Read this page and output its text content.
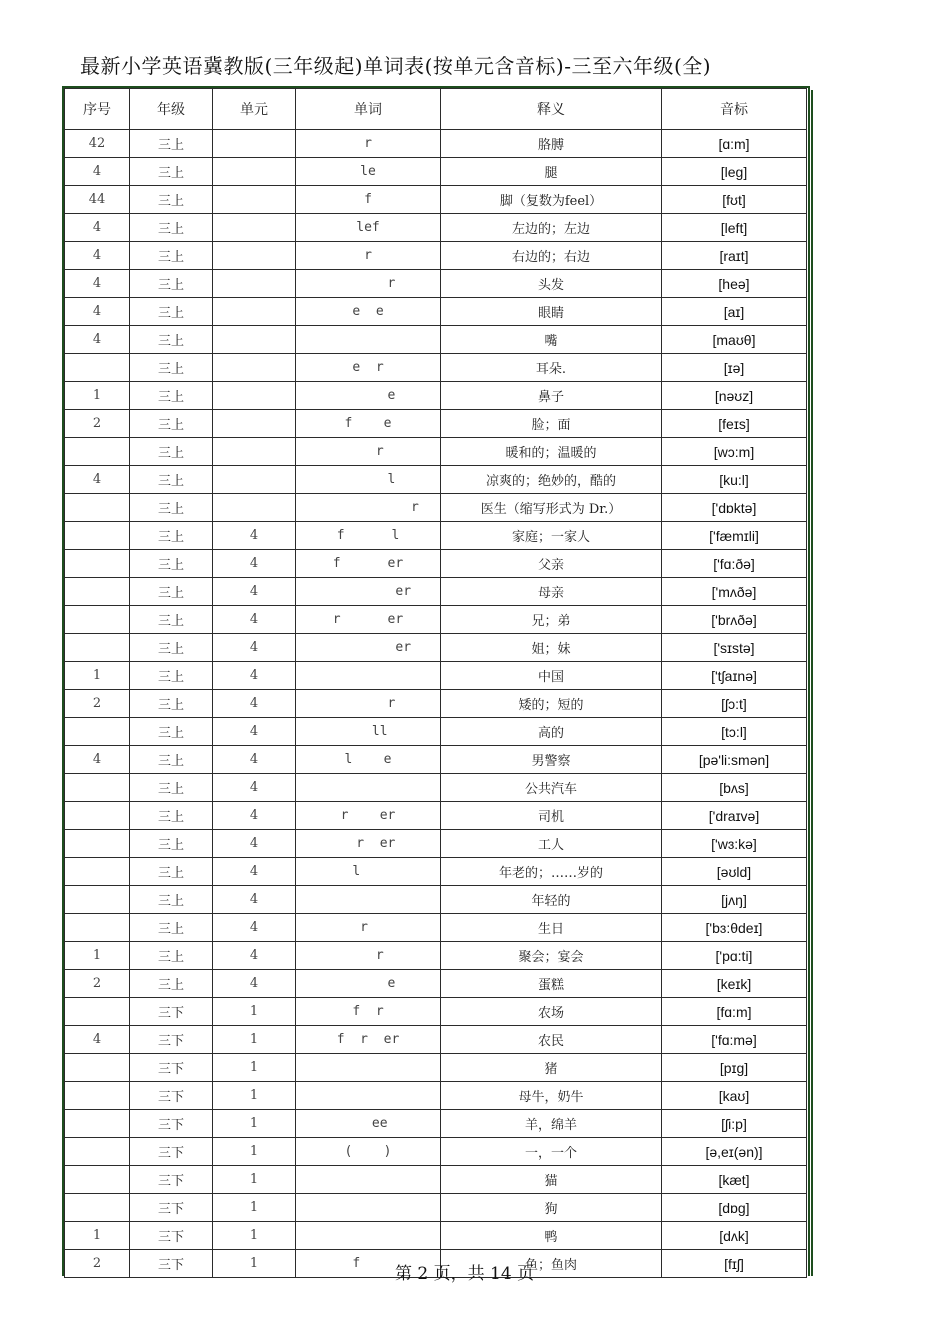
最新小学英语冀教版(三年级起)单词表(按单元含音标)-三至六年级(全)
序号	年级	单元	单词	释义	音标
42	三上		r	胳膊	[ɑ:m]
4	三上		le	腿	[leg]
44	三上		f	脚（复数为feel）	[fʊt]
4	三上		lef	左边的；左边	[left]
4	三上		r	右边的；右边	[raɪt]
4	三上		r	头发	[heə]
4	三上		e  e	眼睛	[aɪ]
4	三上			嘴	[maʊθ]
	三上		e  r	耳朵.	[ɪə]
1	三上		e	鼻子	[nəʊz]
2	三上		f    e	脸；面	[feɪs]
	三上		r	暖和的；温暖的	[wɔ:m]
4	三上		l	凉爽的；绝妙的，酷的	[ku:l]
	三上		r	医生（缩写形式为 Dr.）	['dɒktə]
	三上	4	f      l	家庭；一家人	['fæmɪli]
	三上	4	f      er	父亲	['fɑ:ðə]
	三上	4	er	母亲	['mʌðə]
	三上	4	r      er	兄；弟	['brʌðə]
	三上	4	er	姐；妹	['sɪstə]
1	三上	4		中国	['tʃaɪnə]
2	三上	4	r	矮的；短的	[ʃɔ:t]
	三上	4	ll	高的	[tɔ:l]
4	三上	4	l    e	男警察	[pə'li:smən]
	三上	4		公共汽车	[bʌs]
	三上	4	r    er	司机	['draɪvə]
	三上	4	r  er	工人	['wɜ:kə]
	三上	4	l	年老的；……岁的	[əʊld]
	三上	4		年轻的	[jʌŋ]
	三上	4	r	生日	['bɜ:θdeɪ]
1	三上	4	r	聚会；宴会	['pɑ:ti]
2	三上	4	e	蛋糕	[keɪk]
	三下	1	f  r	农场	[fɑ:m]
4	三下	1	f  r  er	农民	['fɑ:mə]
	三下	1		猪	[pɪg]
	三下	1		母牛，奶牛	[kaʊ]
	三下	1	ee	羊，绵羊	[ʃi:p]
	三下	1	(    )	一，一个	[ə,eɪ(ən)]
	三下	1		猫	[kæt]
	三下	1		狗	[dɒg]
1	三下	1		鸭	[dʌk]
2	三下	1	f	鱼；鱼肉	[fɪʃ]
第 2 页，共 14 页
